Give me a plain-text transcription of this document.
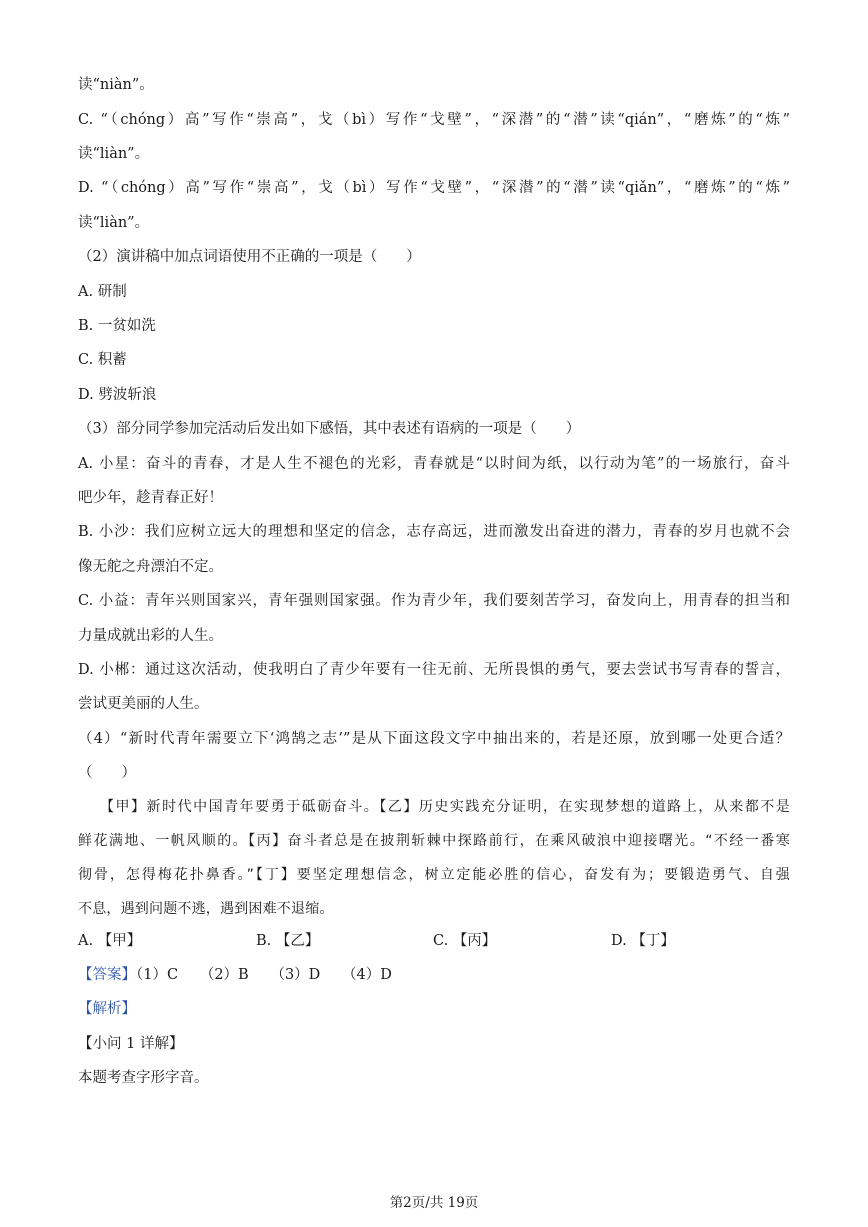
读“niàn”。
C. “（chóng）高”写作“崇高”，戈（bì）写作“戈壁”，“深潜”的“潜”读“qián”，“磨炼”的“炼”
读“liàn”。
D. “（chóng）高”写作“崇高”，戈（bì）写作“戈壁”，“深潜”的“潜”读“qiǎn”，“磨炼”的“炼”
读“liàn”。
（2）演讲稿中加点词语使用不正确的一项是（　　）
A. 研制
B. 一贫如洗
C. 积蓄
D. 劈波斩浪
（3）部分同学参加完活动后发出如下感悟，其中表述有语病的一项是（　　）
A. 小星：奋斗的青春，才是人生不褪色的光彩，青春就是“以时间为纸，以行动为笔”的一场旅行，奋斗
吧少年，趁青春正好！
B. 小沙：我们应树立远大的理想和坚定的信念，志存高远，进而激发出奋进的潜力，青春的岁月也就不会
像无舵之舟漂泊不定。
C. 小益：青年兴则国家兴，青年强则国家强。作为青少年，我们要刻苦学习，奋发向上，用青春的担当和
力量成就出彩的人生。
D. 小郴：通过这次活动，使我明白了青少年要有一往无前、无所畏惧的勇气，要去尝试书写青春的誓言，
尝试更美丽的人生。
（4）“新时代青年需要立下‘鸿鹄之志’”是从下面这段文字中抽出来的，若是还原，放到哪一处更合适？
（　　）
【甲】新时代中国青年要勇于砥砺奋斗。【乙】历史实践充分证明，在实现梦想的道路上，从来都不是
鲜花满地、一帆风顺的。【丙】奋斗者总是在披荆斩棘中探路前行，在乘风破浪中迎接曙光。“不经一番寒
彻骨，怎得梅花扑鼻香。”【丁】要坚定理想信念，树立定能必胜的信心，奋发有为；要锻造勇气、自强
不息，遇到问题不逃，遇到困难不退缩。
A. 【甲】	B. 【乙】	C. 【丙】	D. 【丁】
【答案】（1）C　　（2）B　　（3）D　　（4）D
【解析】
【小问 1 详解】
本题考查字形字音。
第2页/共 19页
